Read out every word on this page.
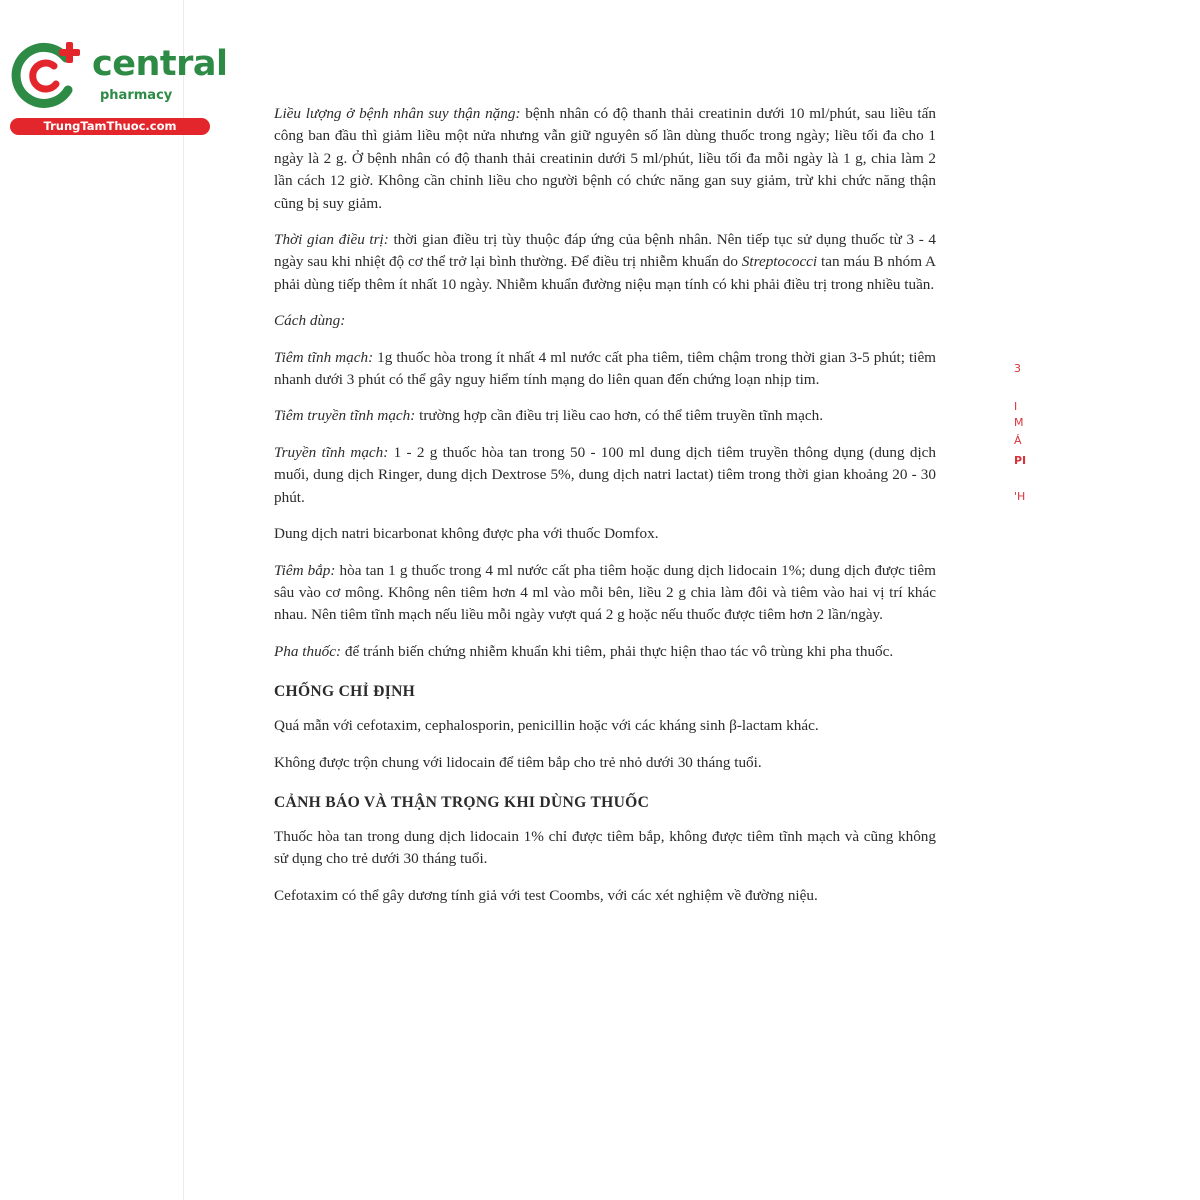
central
pharmacy
TrungTamThuoc.com
3
I
M
Á
PI
'H

Liều lượng ở bệnh nhân suy thận nặng: bệnh nhân có độ thanh thải creatinin dưới 10 ml/phút, sau liều tấn công ban đầu thì giảm liều một nửa nhưng vẫn giữ nguyên số lần dùng thuốc trong ngày; liều tối đa cho 1 ngày là 2 g. Ở bệnh nhân có độ thanh thải creatinin dưới 5 ml/phút, liều tối đa mỗi ngày là 1 g, chia làm 2 lần cách 12 giờ. Không cần chỉnh liều cho người bệnh có chức năng gan suy giảm, trừ khi chức năng thận cũng bị suy giảm.

Thời gian điều trị: thời gian điều trị tùy thuộc đáp ứng của bệnh nhân. Nên tiếp tục sử dụng thuốc từ 3 - 4 ngày sau khi nhiệt độ cơ thể trở lại bình thường. Để điều trị nhiễm khuẩn do Streptococci tan máu B nhóm A phải dùng tiếp thêm ít nhất 10 ngày. Nhiễm khuẩn đường niệu mạn tính có khi phải điều trị trong nhiều tuần.

Cách dùng:

Tiêm tĩnh mạch: 1g thuốc hòa trong ít nhất 4 ml nước cất pha tiêm, tiêm chậm trong thời gian 3-5 phút; tiêm nhanh dưới 3 phút có thể gây nguy hiểm tính mạng do liên quan đến chứng loạn nhịp tim.

Tiêm truyền tĩnh mạch: trường hợp cần điều trị liều cao hơn, có thể tiêm truyền tĩnh mạch.

Truyền tĩnh mạch: 1 - 2 g thuốc hòa tan trong 50 - 100 ml dung dịch tiêm truyền thông dụng (dung dịch muối, dung dịch Ringer, dung dịch Dextrose 5%, dung dịch natri lactat) tiêm trong thời gian khoảng 20 - 30 phút.

Dung dịch natri bicarbonat không được pha với thuốc Domfox.

Tiêm bắp: hòa tan 1 g thuốc trong 4 ml nước cất pha tiêm hoặc dung dịch lidocain 1%; dung dịch được tiêm sâu vào cơ mông. Không nên tiêm hơn 4 ml vào mỗi bên, liều 2 g chia làm đôi và tiêm vào hai vị trí khác nhau. Nên tiêm tĩnh mạch nếu liều mỗi ngày vượt quá 2 g hoặc nếu thuốc được tiêm hơn 2 lần/ngày.

Pha thuốc: để tránh biến chứng nhiễm khuẩn khi tiêm, phải thực hiện thao tác vô trùng khi pha thuốc.

CHỐNG CHỈ ĐỊNH

Quá mẫn với cefotaxim, cephalosporin, penicillin hoặc với các kháng sinh β-lactam khác.

Không được trộn chung với lidocain để tiêm bắp cho trẻ nhỏ dưới 30 tháng tuổi.

CẢNH BÁO VÀ THẬN TRỌNG KHI DÙNG THUỐC

Thuốc hòa tan trong dung dịch lidocain 1% chỉ được tiêm bắp, không được tiêm tĩnh mạch và cũng không sử dụng cho trẻ dưới 30 tháng tuổi.

Cefotaxim có thể gây dương tính giả với test Coombs, với các xét nghiệm về đường niệu.
